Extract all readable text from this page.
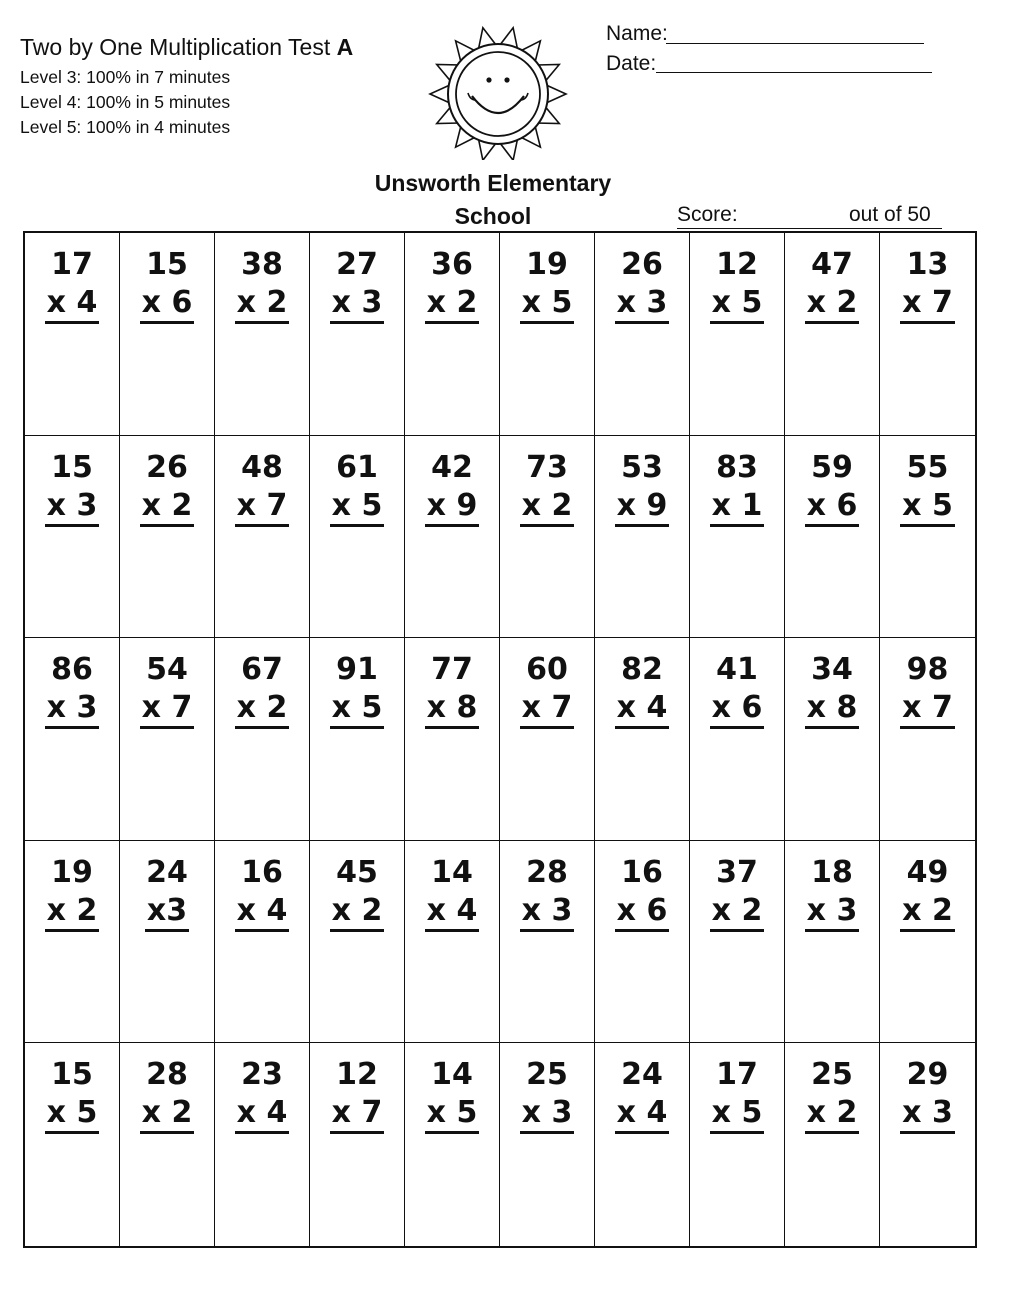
Two by One Multiplication Test A
Level 3: 100% in 7 minutes
Level 4: 100% in 5 minutes
Level 5: 100% in 4 minutes
Name:
Date:
Unsworth Elementary
School	Score:	out of 50
17
x 4
15
x 6
38
x 2
27
x 3
36
x 2
19
x 5
26
x 3
12
x 5
47
x 2
13
x 7
15
x 3
26
x 2
48
x 7
61
x 5
42
x 9
73
x 2
53
x 9
83
x 1
59
x 6
55
x 5
86
x 3
54
x 7
67
x 2
91
x 5
77
x 8
60
x 7
82
x 4
41
x 6
34
x 8
98
x 7
19
x 2
24
x3
16
x 4
45
x 2
14
x 4
28
x 3
16
x 6
37
x 2
18
x 3
49
x 2
15
x 5
28
x 2
23
x 4
12
x 7
14
x 5
25
x 3
24
x 4
17
x 5
25
x 2
29
x 3
